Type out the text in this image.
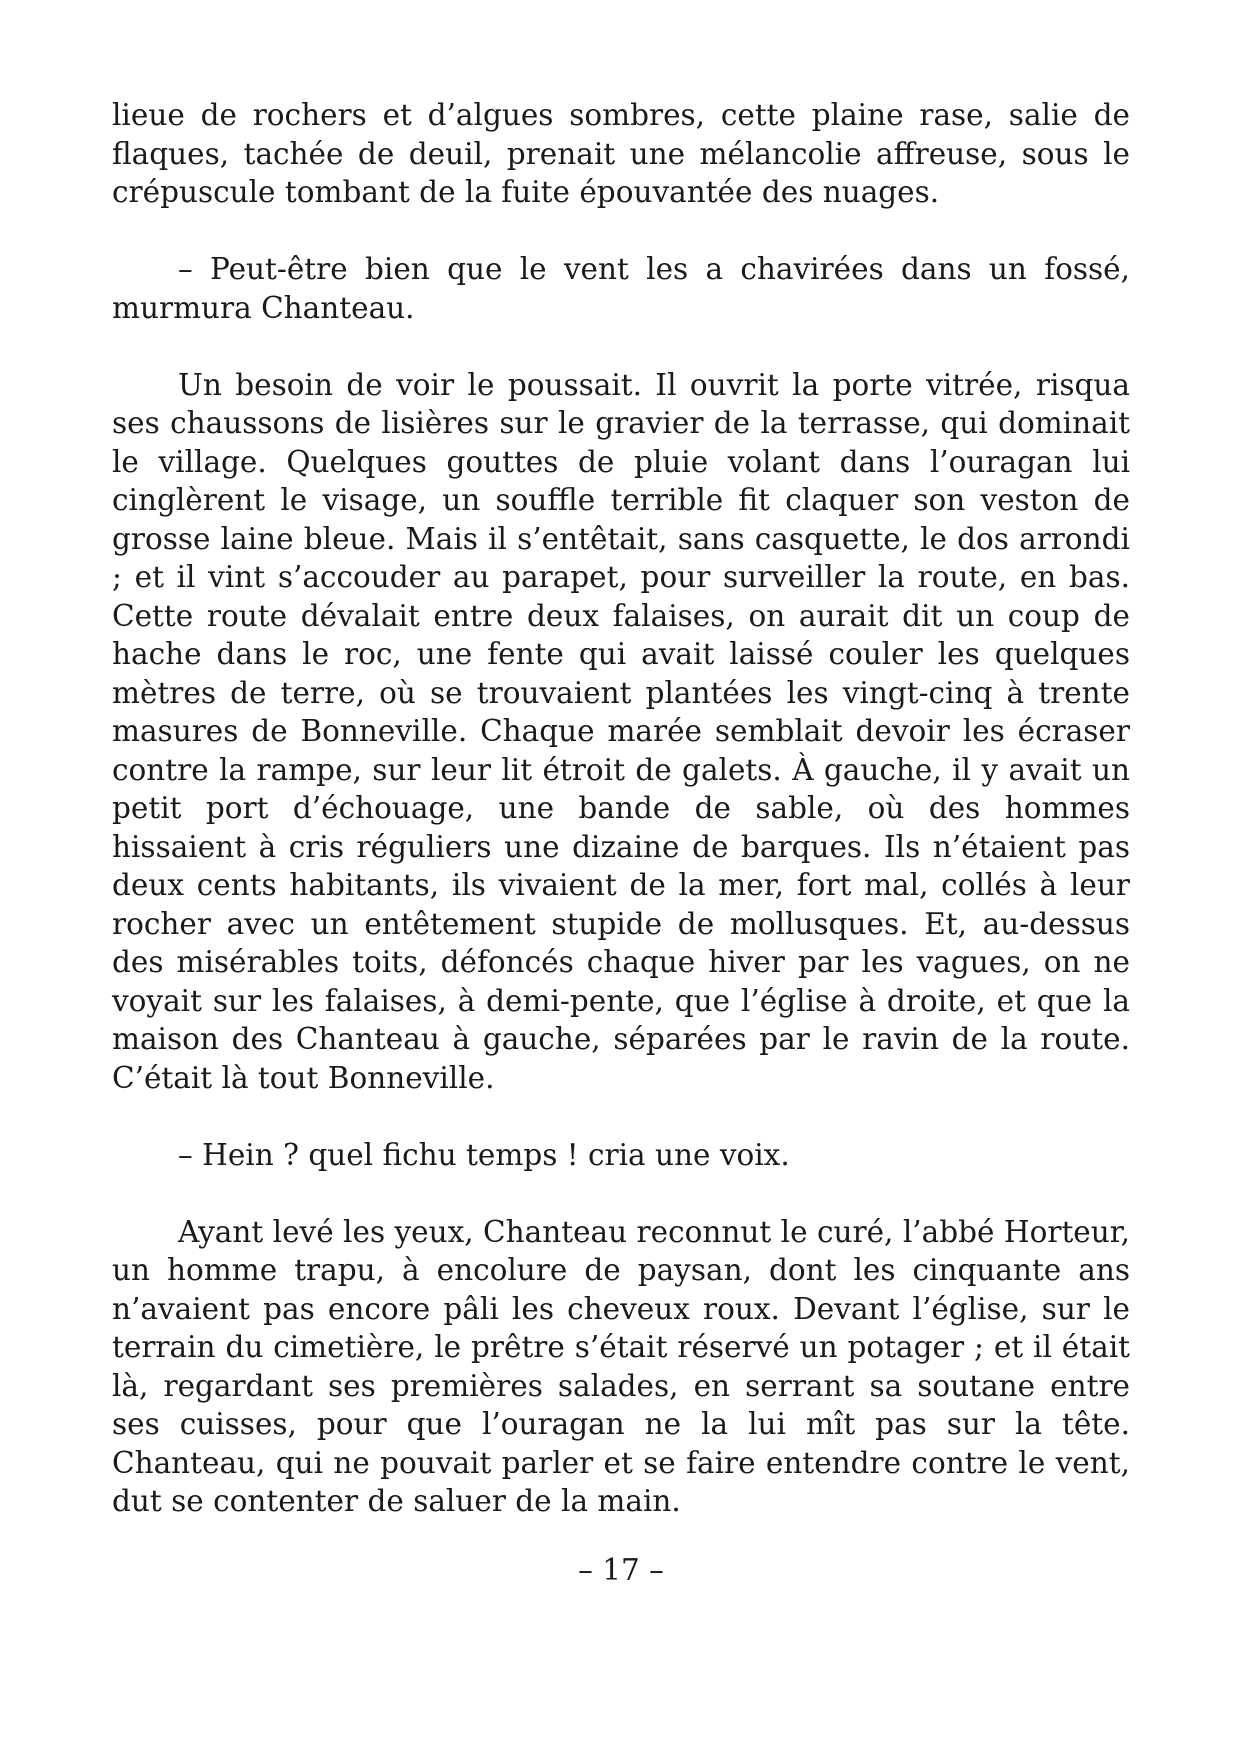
lieue de rochers et d’algues sombres, cette plaine rase, salie de flaques, tachée de deuil, prenait une mélancolie affreuse, sous le crépuscule tombant de la fuite épouvantée des nuages.

– Peut-être bien que le vent les a chavirées dans un fossé, murmura Chanteau.

Un besoin de voir le poussait. Il ouvrit la porte vitrée, risqua ses chaussons de lisières sur le gravier de la terrasse, qui dominait le village. Quelques gouttes de pluie volant dans l’ouragan lui cinglèrent le visage, un souffle terrible fit claquer son veston de grosse laine bleue. Mais il s’entêtait, sans casquette, le dos arrondi ; et il vint s’accouder au parapet, pour surveiller la route, en bas. Cette route dévalait entre deux falaises, on aurait dit un coup de hache dans le roc, une fente qui avait laissé couler les quelques mètres de terre, où se trouvaient plantées les vingt-cinq à trente masures de Bonneville. Chaque marée semblait devoir les écraser contre la rampe, sur leur lit étroit de galets. À gauche, il y avait un petit port d’échouage, une bande de sable, où des hommes hissaient à cris réguliers une dizaine de barques. Ils n’étaient pas deux cents habitants, ils vivaient de la mer, fort mal, collés à leur rocher avec un entêtement stupide de mollusques. Et, au-dessus des misérables toits, défoncés chaque hiver par les vagues, on ne voyait sur les falaises, à demi-pente, que l’église à droite, et que la maison des Chanteau à gauche, séparées par le ravin de la route. C’était là tout Bonneville.

– Hein ? quel fichu temps ! cria une voix.

Ayant levé les yeux, Chanteau reconnut le curé, l’abbé Horteur, un homme trapu, à encolure de paysan, dont les cinquante ans n’avaient pas encore pâli les cheveux roux. Devant l’église, sur le terrain du cimetière, le prêtre s’était réservé un potager ; et il était là, regardant ses premières salades, en serrant sa soutane entre ses cuisses, pour que l’ouragan ne la lui mît pas sur la tête. Chanteau, qui ne pouvait parler et se faire entendre contre le vent, dut se contenter de saluer de la main.

– 17 –
